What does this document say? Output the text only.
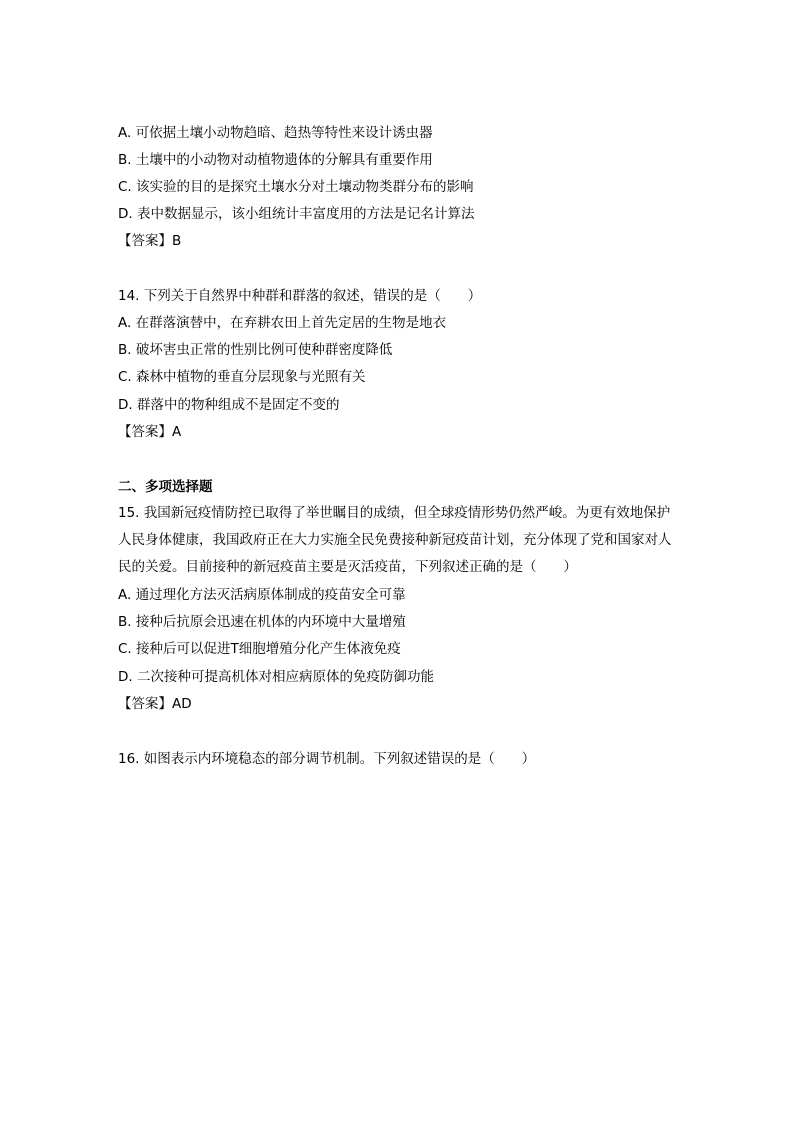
A. 可依据土壤小动物趋暗、趋热等特性来设计诱虫器
B. 土壤中的小动物对动植物遗体的分解具有重要作用
C. 该实验的目的是探究土壤水分对土壤动物类群分布的影响
D. 表中数据显示，该小组统计丰富度用的方法是记名计算法
【答案】B
14. 下列关于自然界中种群和群落的叙述，错误的是（　　）
A. 在群落演替中，在弃耕农田上首先定居的生物是地衣
B. 破坏害虫正常的性别比例可使种群密度降低
C. 森林中植物的垂直分层现象与光照有关
D. 群落中的物种组成不是固定不变的
【答案】A
二、多项选择题
15. 我国新冠疫情防控已取得了举世瞩目的成绩，但全球疫情形势仍然严峻。为更有效地保护人民身体健康，我国政府正在大力实施全民免费接种新冠疫苗计划，充分体现了党和国家对人民的关爱。目前接种的新冠疫苗主要是灭活疫苗，下列叙述正确的是（　　）
A. 通过理化方法灭活病原体制成的疫苗安全可靠
B. 接种后抗原会迅速在机体的内环境中大量增殖
C. 接种后可以促进T细胞增殖分化产生体液免疫
D. 二次接种可提高机体对相应病原体的免疫防御功能
【答案】AD
16. 如图表示内环境稳态的部分调节机制。下列叙述错误的是（　　）
